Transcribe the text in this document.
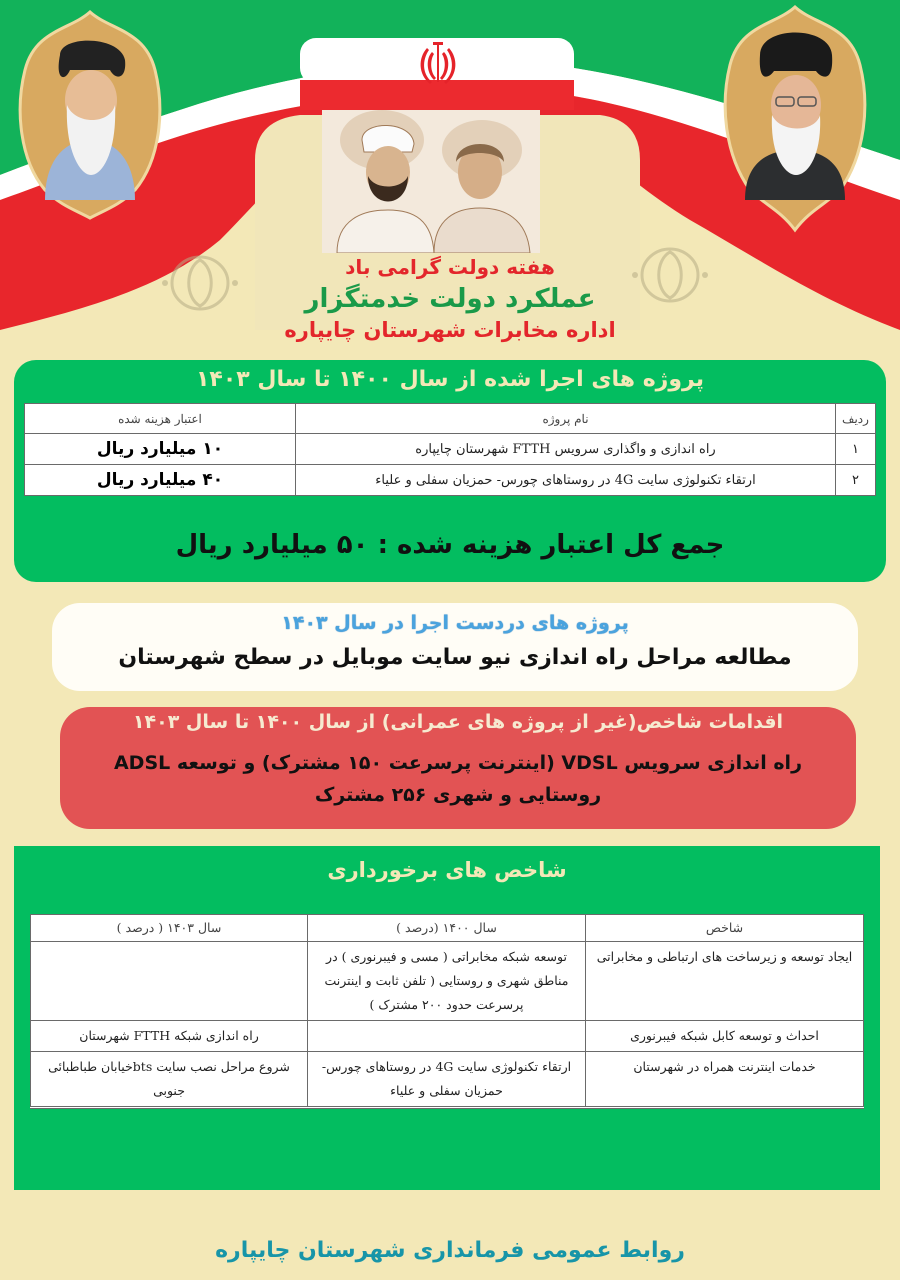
هفته دولت گرامی باد
عملکرد دولت خدمتگزار
اداره مخابرات شهرستان چایپاره
پروژه های اجرا شده از سال ۱۴۰۰ تا سال ۱۴۰۳
ردیف	نام پروژه	اعتبار هزینه شده
۱	راه اندازی و واگذاری سرویس FTTH شهرستان چایپاره	۱۰ میلیارد ریال
۲	ارتقاء تکنولوژی سایت 4G در روستاهای چورس- حمزیان سفلی و علیاء	۴۰ میلیارد ریال
جمع کل اعتبار هزینه شده : ۵۰ میلیارد ریال
پروژه های دردست اجرا در سال ۱۴۰۳
مطالعه مراحل راه اندازی نیو سایت موبایل در سطح شهرستان
اقدامات شاخص(غیر از پروژه های عمرانی) از سال ۱۴۰۰ تا سال ۱۴۰۳
راه اندازی سرویس VDSL (اینترنت پرسرعت ۱۵۰ مشترک) و توسعه ADSL روستایی و شهری ۲۵۶ مشترک
شاخص های برخورداری
شاخص	سال ۱۴۰۰ (درصد )	سال ۱۴۰۳ ( درصد )
ایجاد توسعه و زیرساخت های ارتباطی و مخابراتی	توسعه شبکه مخابراتی ( مسی و فیبرنوری ) در مناطق شهری و روستایی ( تلفن ثابت و اینترنت پرسرعت حدود ۲۰۰ مشترک )	
احداث و توسعه کابل شبکه فیبرنوری		راه اندازی شبکه FTTH شهرستان
خدمات اینترنت همراه در شهرستان	ارتقاء تکنولوژی سایت 4G در روستاهای چورس- حمزیان سفلی و علیاء	شروع مراحل نصب سایت btsخیابان طباطبائی جنوبی
روابط عمومی فرمانداری شهرستان چایپاره
